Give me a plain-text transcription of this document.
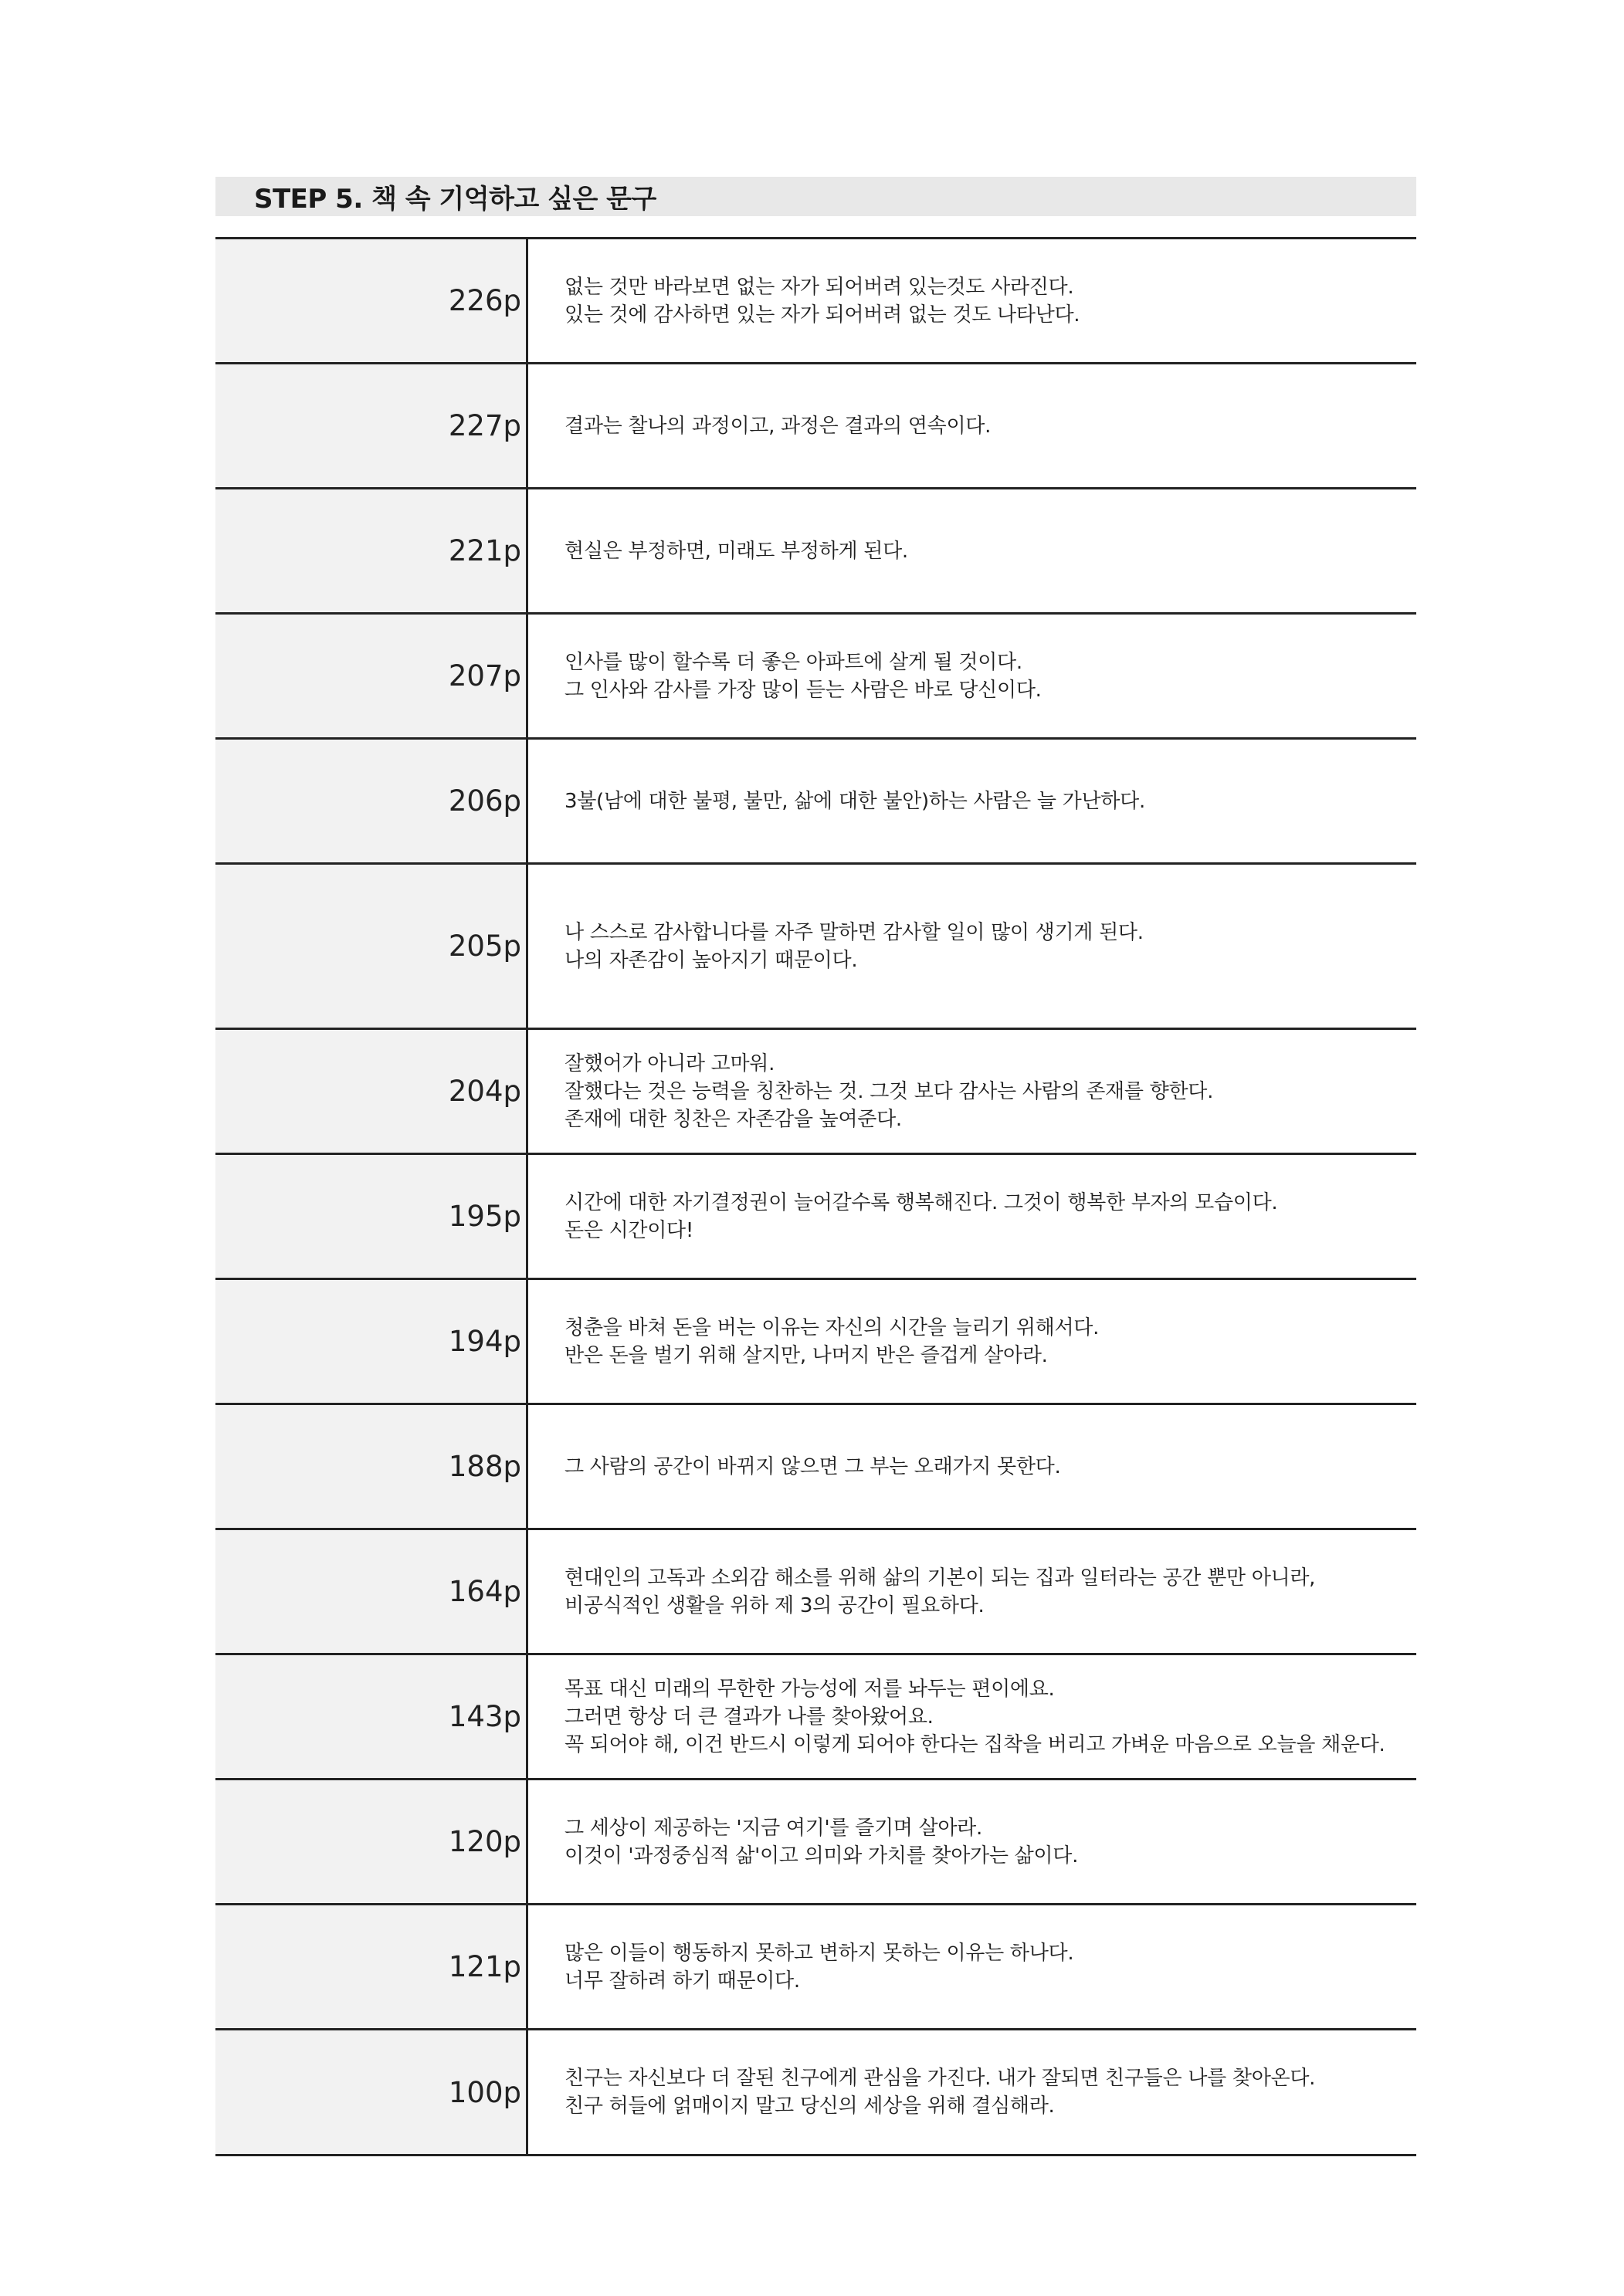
STEP 5. 책 속 기억하고 싶은 문구
226p	없는 것만 바라보면 없는 자가 되어버려 있는것도 사라진다.
있는 것에 감사하면 있는 자가 되어버려 없는 것도 나타난다.
227p	결과는 찰나의 과정이고, 과정은 결과의 연속이다.
221p	현실은 부정하면, 미래도 부정하게 된다.
207p	인사를 많이 할수록 더 좋은 아파트에 살게 될 것이다.
그 인사와 감사를 가장 많이 듣는 사람은 바로 당신이다.
206p	3불(남에 대한 불평, 불만, 삶에 대한 불안)하는 사람은 늘 가난하다.
205p	나 스스로 감사합니다를 자주 말하면 감사할 일이 많이 생기게 된다.
나의 자존감이 높아지기 때문이다.
204p
잘했어가 아니라 고마워.
잘했다는 것은 능력을 칭찬하는 것. 그것 보다 감사는 사람의 존재를 향한다.
존재에 대한 칭찬은 자존감을 높여준다.
195p	시간에 대한 자기결정권이 늘어갈수록 행복해진다. 그것이 행복한 부자의 모습이다.
돈은 시간이다!
194p	청춘을 바쳐 돈을 버는 이유는 자신의 시간을 늘리기 위해서다.
반은 돈을 벌기 위해 살지만, 나머지 반은 즐겁게 살아라.
188p	그 사람의 공간이 바뀌지 않으면 그 부는 오래가지 못한다.
164p	현대인의 고독과 소외감 해소를 위해 삶의 기본이 되는 집과 일터라는 공간 뿐만 아니라,
비공식적인 생활을 위하 제 3의 공간이 필요하다.
143p
목표 대신 미래의 무한한 가능성에 저를 놔두는 편이에요.
그러면 항상 더 큰 결과가 나를 찾아왔어요.
꼭 되어야 해, 이건 반드시 이렇게 되어야 한다는 집착을 버리고 가벼운 마음으로 오늘을 채운다.
120p	그 세상이 제공하는 '지금 여기'를 즐기며 살아라.
이것이 '과정중심적 삶'이고 의미와 가치를 찾아가는 삶이다.
121p	많은 이들이 행동하지 못하고 변하지 못하는 이유는 하나다.
너무 잘하려 하기 때문이다.
100p	친구는 자신보다 더 잘된 친구에게 관심을 가진다. 내가 잘되면 친구들은 나를 찾아온다.
친구 허들에 얽매이지 말고 당신의 세상을 위해 결심해라.
